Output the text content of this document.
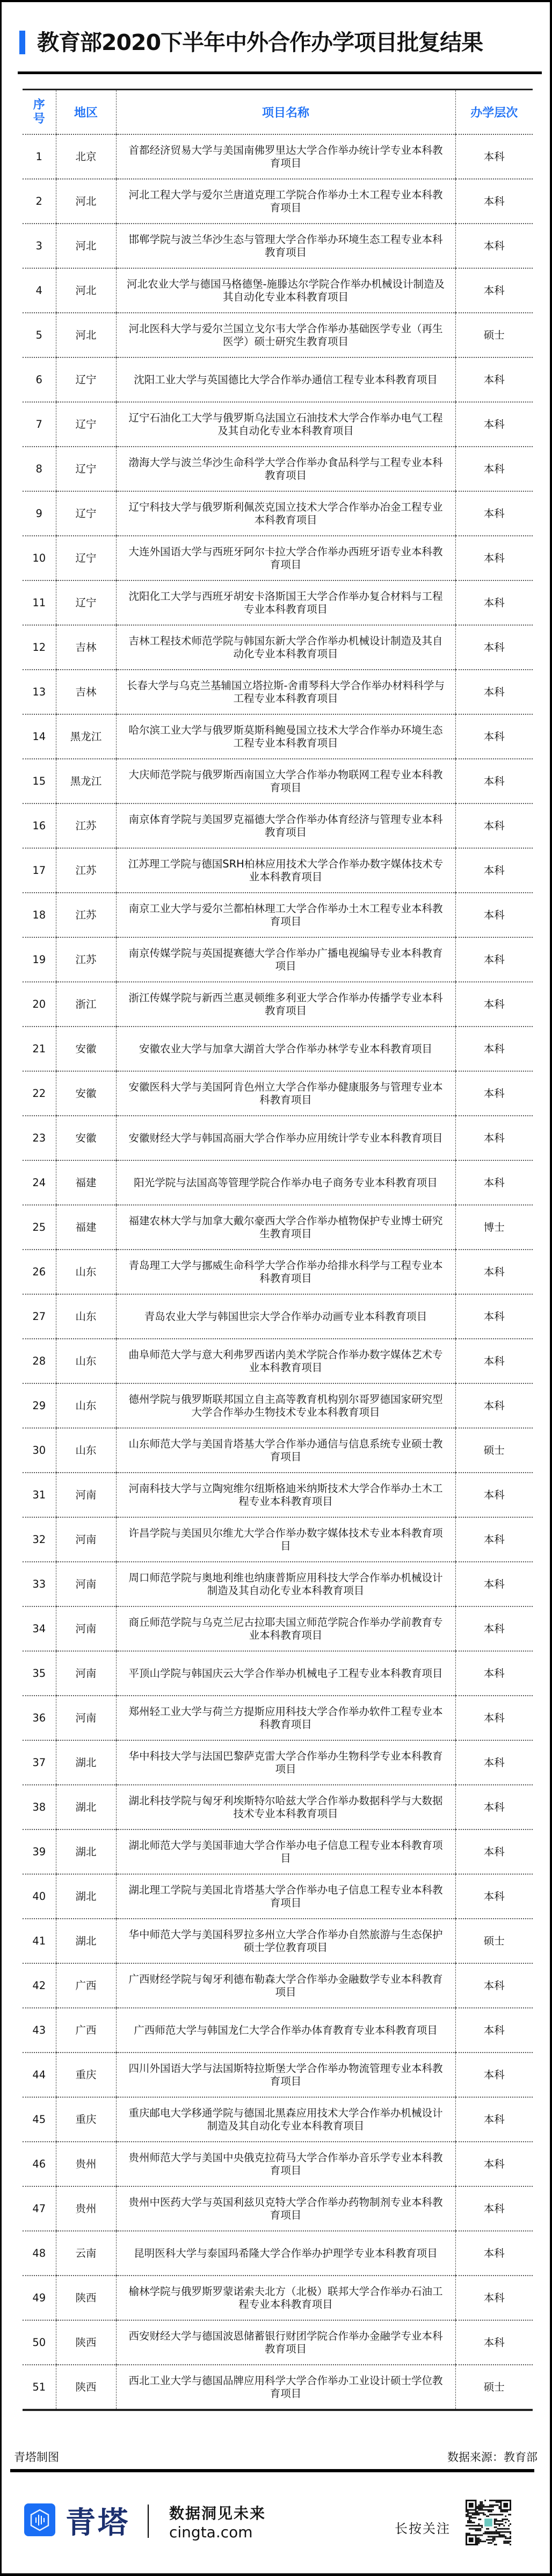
教育部2020下半年中外合作办学项目批复结果
序号	地区	项目名称	办学层次
1	北京	首都经济贸易大学与美国南佛罗里达大学合作举办统计学专业本科教育项目	本科
2	河北	河北工程大学与爱尔兰唐道克理工学院合作举办土木工程专业本科教育项目	本科
3	河北	邯郸学院与波兰华沙生态与管理大学合作举办环境生态工程专业本科教育项目	本科
4	河北	河北农业大学与德国马格德堡-施滕达尔学院合作举办机械设计制造及其自动化专业本科教育项目	本科
5	河北	河北医科大学与爱尔兰国立戈尔韦大学合作举办基础医学专业（再生医学）硕士研究生教育项目	硕士
6	辽宁	沈阳工业大学与英国德比大学合作举办通信工程专业本科教育项目	本科
7	辽宁	辽宁石油化工大学与俄罗斯乌法国立石油技术大学合作举办电气工程及其自动化专业本科教育项目	本科
8	辽宁	渤海大学与波兰华沙生命科学大学合作举办食品科学与工程专业本科教育项目	本科
9	辽宁	辽宁科技大学与俄罗斯利佩茨克国立技术大学合作举办冶金工程专业本科教育项目	本科
10	辽宁	大连外国语大学与西班牙阿尔卡拉大学合作举办西班牙语专业本科教育项目	本科
11	辽宁	沈阳化工大学与西班牙胡安卡洛斯国王大学合作举办复合材料与工程专业本科教育项目	本科
12	吉林	吉林工程技术师范学院与韩国东新大学合作举办机械设计制造及其自动化专业本科教育项目	本科
13	吉林	长春大学与乌克兰基辅国立塔拉斯-舍甫琴科大学合作举办材料科学与工程专业本科教育项目	本科
14	黑龙江	哈尔滨工业大学与俄罗斯莫斯科鲍曼国立技术大学合作举办环境生态工程专业本科教育项目	本科
15	黑龙江	大庆师范学院与俄罗斯西南国立大学合作举办物联网工程专业本科教育项目	本科
16	江苏	南京体育学院与美国罗克福德大学合作举办体育经济与管理专业本科教育项目	本科
17	江苏	江苏理工学院与德国SRH柏林应用技术大学合作举办数字媒体技术专业本科教育项目	本科
18	江苏	南京工业大学与爱尔兰都柏林理工大学合作举办土木工程专业本科教育项目	本科
19	江苏	南京传媒学院与英国提赛德大学合作举办广播电视编导专业本科教育项目	本科
20	浙江	浙江传媒学院与新西兰惠灵顿维多利亚大学合作举办传播学专业本科教育项目	本科
21	安徽	安徽农业大学与加拿大湖首大学合作举办林学专业本科教育项目	本科
22	安徽	安徽医科大学与美国阿肯色州立大学合作举办健康服务与管理专业本科教育项目	本科
23	安徽	安徽财经大学与韩国高丽大学合作举办应用统计学专业本科教育项目	本科
24	福建	阳光学院与法国高等管理学院合作举办电子商务专业本科教育项目	本科
25	福建	福建农林大学与加拿大戴尔豪西大学合作举办植物保护专业博士研究生教育项目	博士
26	山东	青岛理工大学与挪威生命科学大学合作举办给排水科学与工程专业本科教育项目	本科
27	山东	青岛农业大学与韩国世宗大学合作举办动画专业本科教育项目	本科
28	山东	曲阜师范大学与意大利弗罗西诺内美术学院合作举办数字媒体艺术专业本科教育项目	本科
29	山东	德州学院与俄罗斯联邦国立自主高等教育机构别尔哥罗德国家研究型大学合作举办生物技术专业本科教育项目	本科
30	山东	山东师范大学与美国肯塔基大学合作举办通信与信息系统专业硕士教育项目	硕士
31	河南	河南科技大学与立陶宛维尔纽斯格迪米纳斯技术大学合作举办土木工程专业本科教育项目	本科
32	河南	许昌学院与美国贝尔维尤大学合作举办数字媒体技术专业本科教育项目	本科
33	河南	周口师范学院与奥地利维也纳康普斯应用科技大学合作举办机械设计制造及其自动化专业本科教育项目	本科
34	河南	商丘师范学院与乌克兰尼古拉耶夫国立师范学院合作举办学前教育专业本科教育项目	本科
35	河南	平顶山学院与韩国庆云大学合作举办机械电子工程专业本科教育项目	本科
36	河南	郑州轻工业大学与荷兰方提斯应用科技大学合作举办软件工程专业本科教育项目	本科
37	湖北	华中科技大学与法国巴黎萨克雷大学合作举办生物科学专业本科教育项目	本科
38	湖北	湖北科技学院与匈牙利埃斯特尔哈兹大学合作举办数据科学与大数据技术专业本科教育项目	本科
39	湖北	湖北师范大学与美国菲迪大学合作举办电子信息工程专业本科教育项目	本科
40	湖北	湖北理工学院与美国北肯塔基大学合作举办电子信息工程专业本科教育项目	本科
41	湖北	华中师范大学与美国科罗拉多州立大学合作举办自然旅游与生态保护硕士学位教育项目	硕士
42	广西	广西财经学院与匈牙利德布勒森大学合作举办金融数学专业本科教育项目	本科
43	广西	广西师范大学与韩国龙仁大学合作举办体育教育专业本科教育项目	本科
44	重庆	四川外国语大学与法国斯特拉斯堡大学合作举办物流管理专业本科教育项目	本科
45	重庆	重庆邮电大学移通学院与德国北黑森应用技术大学合作举办机械设计制造及其自动化专业本科教育项目	本科
46	贵州	贵州师范大学与美国中央俄克拉荷马大学合作举办音乐学专业本科教育项目	本科
47	贵州	贵州中医药大学与英国利兹贝克特大学合作举办药物制剂专业本科教育项目	本科
48	云南	昆明医科大学与泰国玛希隆大学合作举办护理学专业本科教育项目	本科
49	陕西	榆林学院与俄罗斯罗蒙诺索夫北方（北极）联邦大学合作举办石油工程专业本科教育项目	本科
50	陕西	西安财经大学与德国波恩储蓄银行财团学院合作举办金融学专业本科教育项目	本科
51	陕西	西北工业大学与德国品牌应用科学大学合作举办工业设计硕士学位教育项目	硕士
青塔制图	数据来源：教育部
青塔	数据洞见未来
cingta.com	长按关注
